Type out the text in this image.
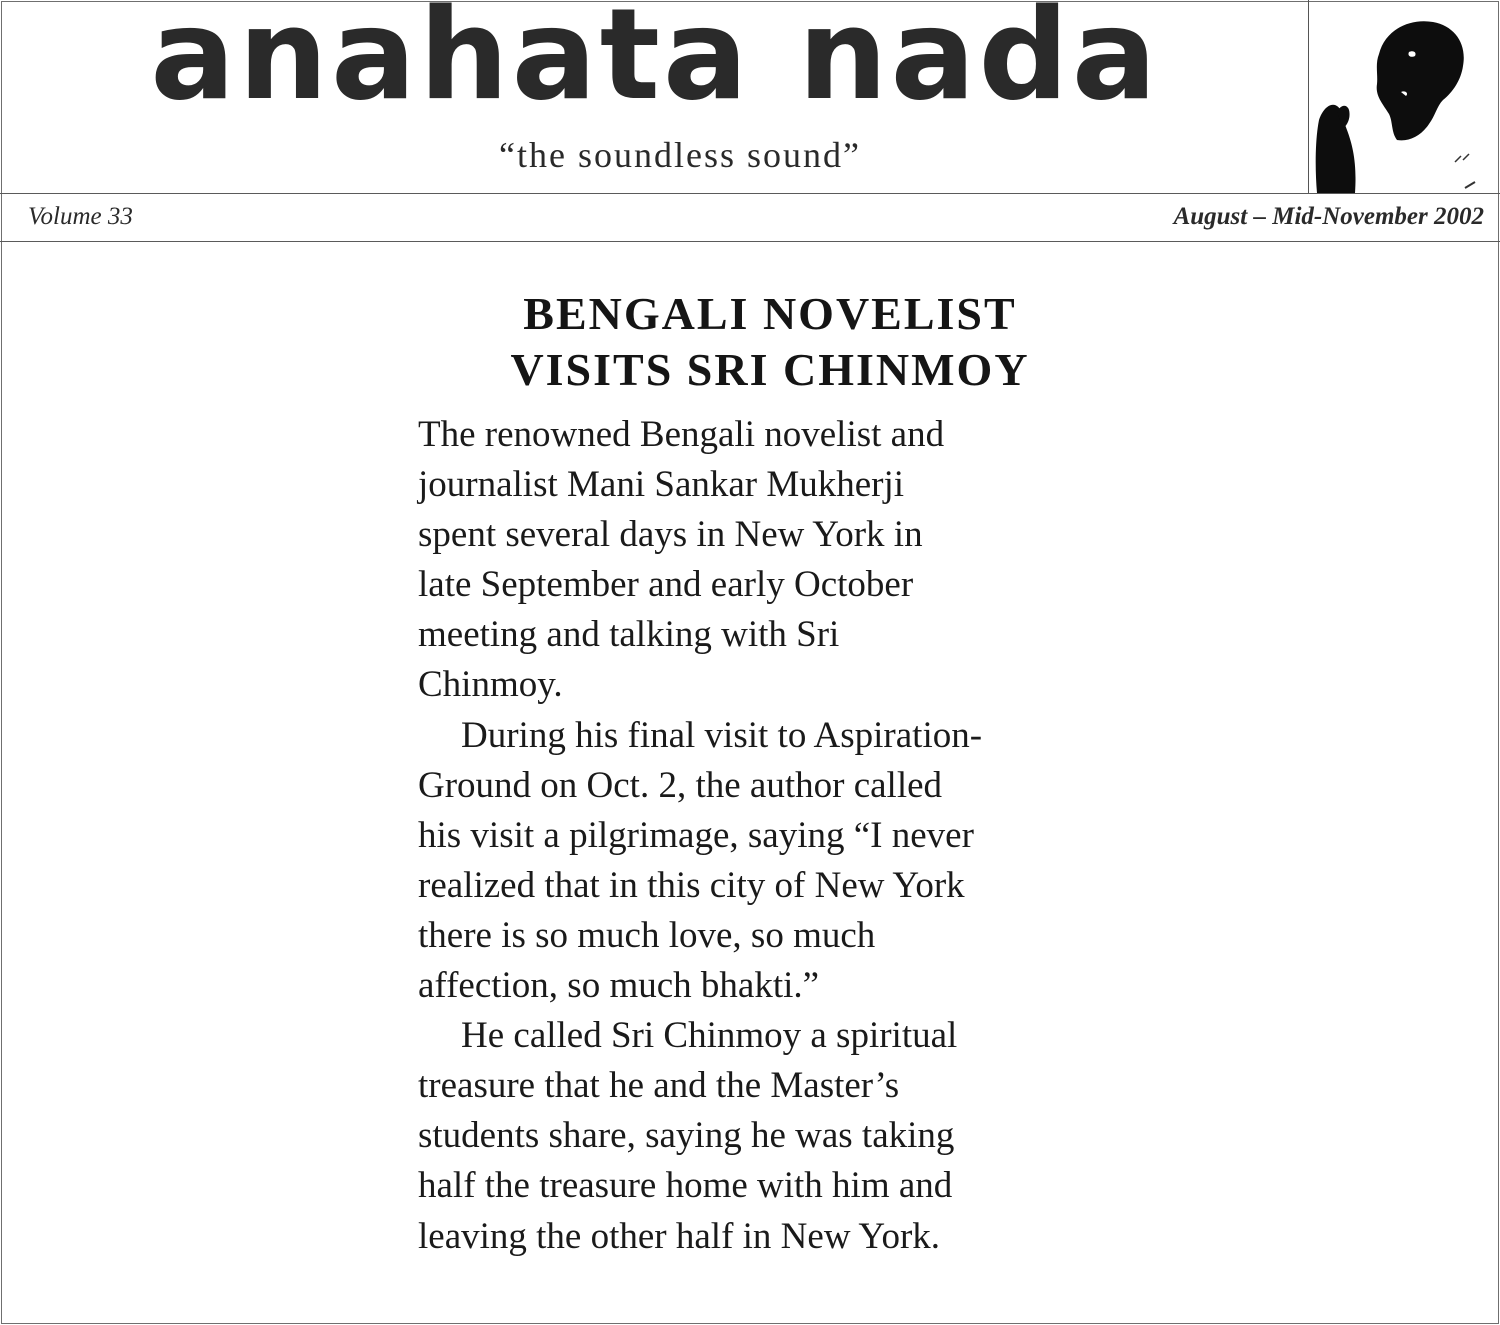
anahata nada

“the soundless sound”

Volume 33	August – Mid-November 2002
BENGALI NOVELIST
VISITS SRI CHINMOY
The renowned Bengali novelist and
journalist Mani Sankar Mukherji
spent several days in New York in
late September and early October
meeting and talking with Sri
Chinmoy.
During his final visit to Aspiration-
Ground on Oct. 2, the author called
his visit a pilgrimage, saying “I never
realized that in this city of New York
there is so much love, so much
affection, so much bhakti.”
He called Sri Chinmoy a spiritual
treasure that he and the Master’s
students share, saying he was taking
half the treasure home with him and
leaving the other half in New York.
